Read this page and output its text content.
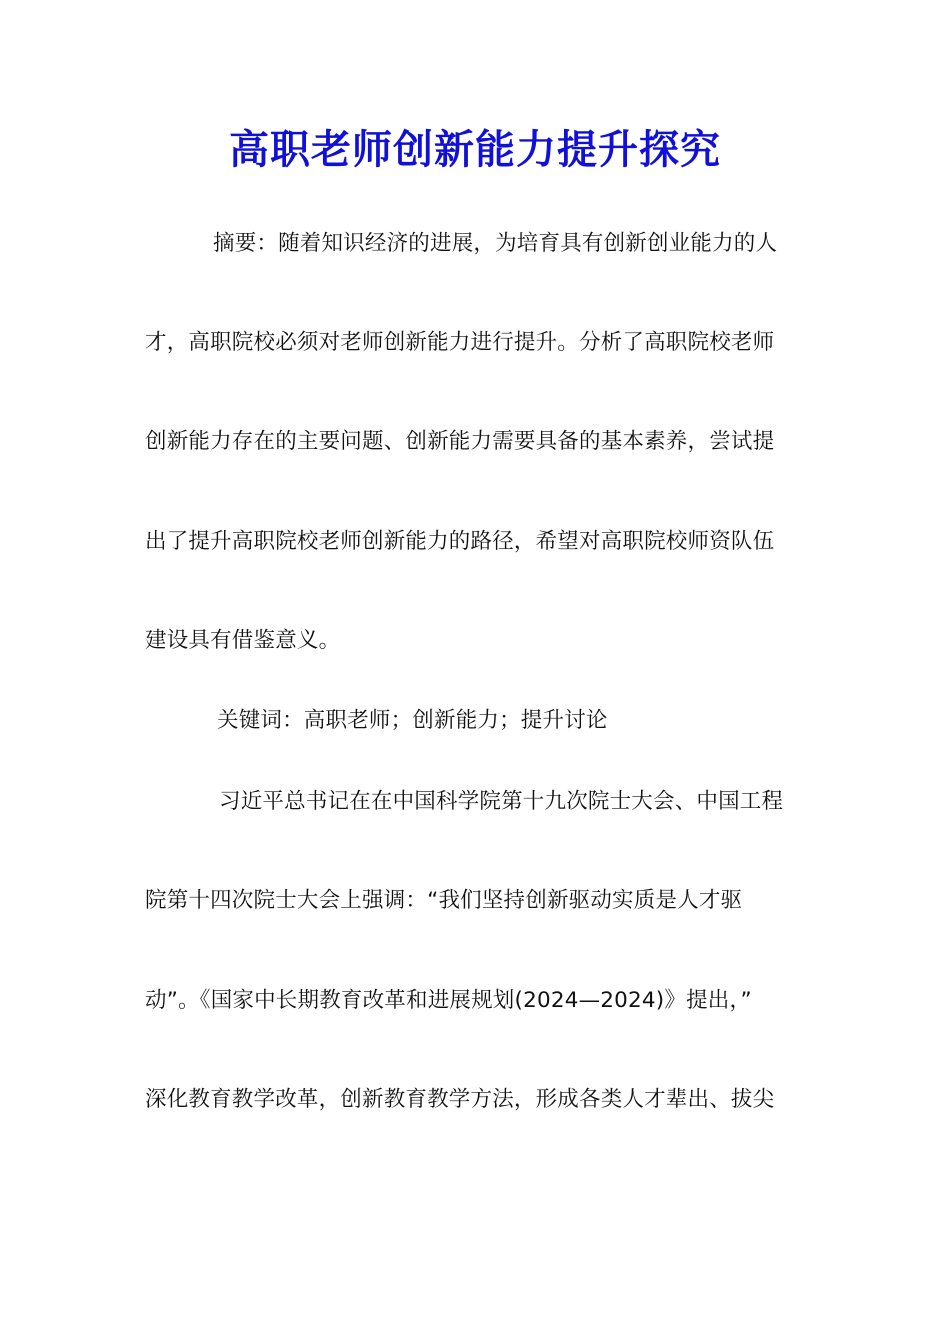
高职老师创新能力提升探究
摘要：随着知识经济的进展，为培育具有创新创业能力的人
才，高职院校必须对老师创新能力进行提升。分析了高职院校老师
创新能力存在的主要问题、创新能力需要具备的基本素养，尝试提
出了提升高职院校老师创新能力的路径，希望对高职院校师资队伍
建设具有借鉴意义。
关键词：高职老师；创新能力；提升讨论
习近平总书记在在中国科学院第十九次院士大会、中国工程
院第十四次院士大会上强调：“我们坚持创新驱动实质是人才驱
动”。《国家中长期教育改革和进展规划(2024—2024)》提出，”
深化教育教学改革，创新教育教学方法，形成各类人才辈出、拔尖
